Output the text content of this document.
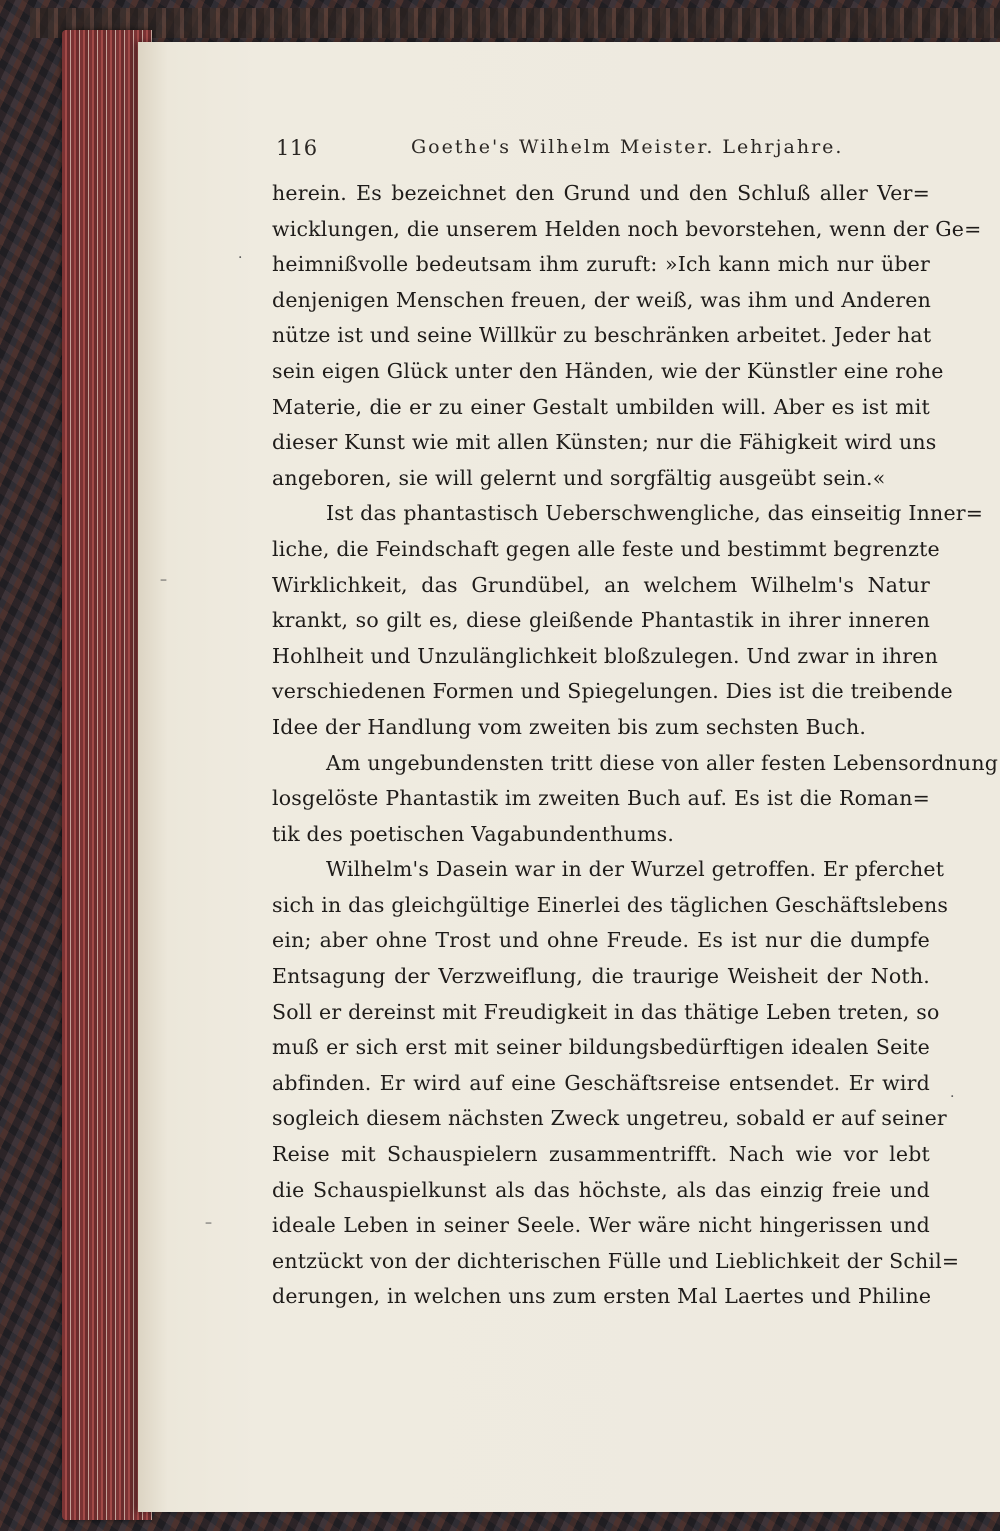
116	Goethe's Wilhelm Meister. Lehrjahre.
herein. Es bezeichnet den Grund und den Schluß aller Ver=
wicklungen, die unserem Helden noch bevorstehen, wenn der Ge=
heimnißvolle bedeutsam ihm zuruft: »Ich kann mich nur über
denjenigen Menschen freuen, der weiß, was ihm und Anderen
nütze ist und seine Willkür zu beschränken arbeitet. Jeder hat
sein eigen Glück unter den Händen, wie der Künstler eine rohe
Materie, die er zu einer Gestalt umbilden will. Aber es ist mit
dieser Kunst wie mit allen Künsten; nur die Fähigkeit wird uns
angeboren, sie will gelernt und sorgfältig ausgeübt sein.«
Ist das phantastisch Ueberschwengliche, das einseitig Inner=
liche, die Feindschaft gegen alle feste und bestimmt begrenzte
Wirklichkeit, das Grundübel, an welchem Wilhelm's Natur
krankt, so gilt es, diese gleißende Phantastik in ihrer inneren
Hohlheit und Unzulänglichkeit bloßzulegen. Und zwar in ihren
verschiedenen Formen und Spiegelungen. Dies ist die treibende
Idee der Handlung vom zweiten bis zum sechsten Buch.
Am ungebundensten tritt diese von aller festen Lebensordnung
losgelöste Phantastik im zweiten Buch auf. Es ist die Roman=
tik des poetischen Vagabundenthums.
Wilhelm's Dasein war in der Wurzel getroffen. Er pferchet
sich in das gleichgültige Einerlei des täglichen Geschäftslebens
ein; aber ohne Trost und ohne Freude. Es ist nur die dumpfe
Entsagung der Verzweiflung, die traurige Weisheit der Noth.
Soll er dereinst mit Freudigkeit in das thätige Leben treten, so
muß er sich erst mit seiner bildungsbedürftigen idealen Seite
abfinden. Er wird auf eine Geschäftsreise entsendet. Er wird
sogleich diesem nächsten Zweck ungetreu, sobald er auf seiner
Reise mit Schauspielern zusammentrifft. Nach wie vor lebt
die Schauspielkunst als das höchste, als das einzig freie und
ideale Leben in seiner Seele. Wer wäre nicht hingerissen und
entzückt von der dichterischen Fülle und Lieblichkeit der Schil=
derungen, in welchen uns zum ersten Mal Laertes und Philine
·
–
–
.
